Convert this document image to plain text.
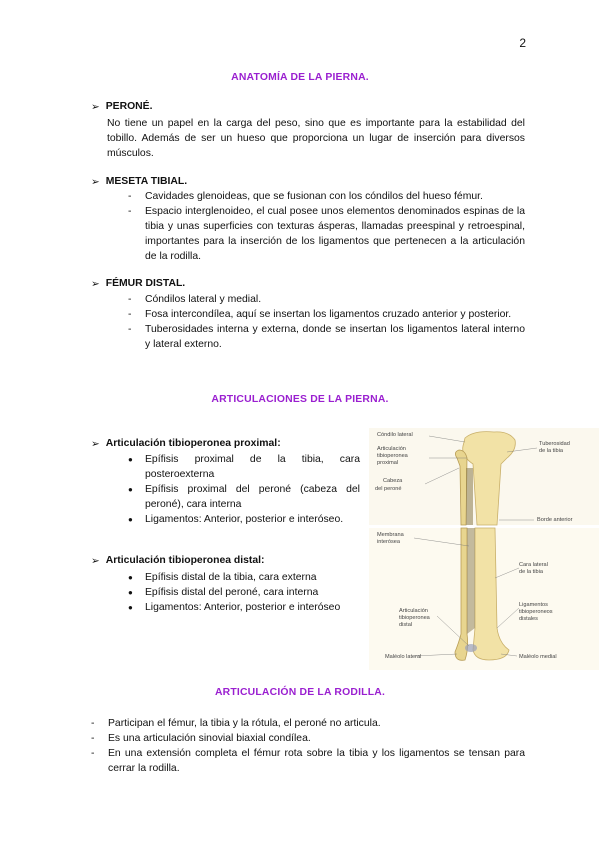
2
ANATOMÍA DE LA PIERNA.
➢ PERONÉ.
No tiene un papel en la carga del peso, sino que es importante para la estabilidad del tobillo. Además de ser un hueso que proporciona un lugar de inserción para diversos músculos.
➢ MESETA TIBIAL.
- Cavidades glenoideas, que se fusionan con los cóndilos del hueso fémur.
- Espacio interglenoideo, el cual posee unos elementos denominados espinas de la tibia y unas superficies con texturas ásperas, llamadas preespinal y retroespinal, importantes para la inserción de los ligamentos que pertenecen a la articulación de la rodilla.
➢ FÉMUR DISTAL.
- Cóndilos lateral y medial.
- Fosa intercondílea, aquí se insertan los ligamentos cruzado anterior y posterior.
- Tuberosidades interna y externa, donde se insertan los ligamentos lateral interno y lateral externo.
ARTICULACIONES DE LA PIERNA.
➢ Articulación tibioperonea proximal:
● Epífisis proximal de la tibia, cara posteroexterna
● Epífisis proximal del peroné (cabeza del peroné), cara interna
● Ligamentos: Anterior, posterior e interóseo.
➢ Articulación tibioperonea distal:
● Epífisis distal de la tibia, cara externa
● Epífisis distal del peroné, cara interna
● Ligamentos: Anterior, posterior e interóseo
Cóndilo lateral
Articulación
tibioperonea
proximal
Cabeza
del peroné
Tuberosidad
de la tibia
Borde anterior
Membrana
interósea
Cara lateral
de la tibia
Ligamentos
tibioperoneos
distales
Articulación
tibioperonea
distal
Maléolo lateral	Maléolo medial
ARTICULACIÓN DE LA RODILLA.
- Participan el fémur, la tibia y la rótula, el peroné no articula.
- Es una articulación sinovial biaxial condílea.
- En una extensión completa el fémur rota sobre la tibia y los ligamentos se tensan para cerrar la rodilla.
